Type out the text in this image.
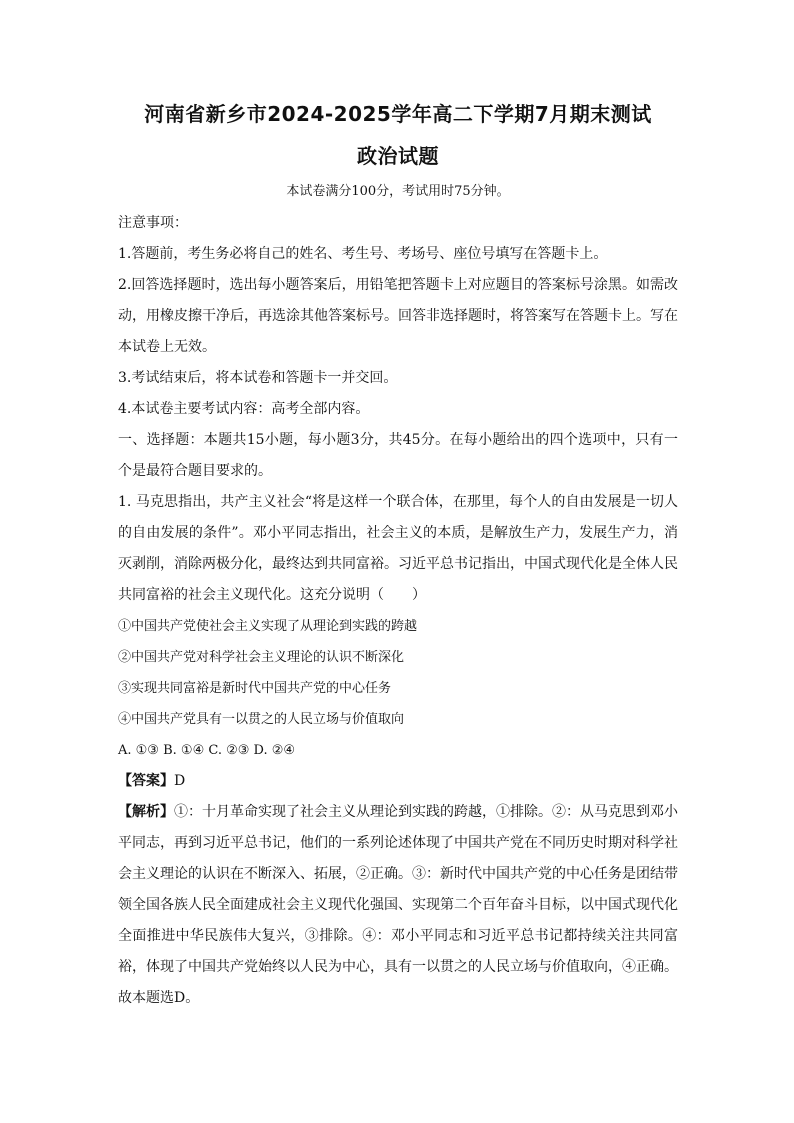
河南省新乡市2024-2025学年高二下学期7月期末测试
政治试题
本试卷满分100分，考试用时75分钟。

注意事项：

1.答题前，考生务必将自己的姓名、考生号、考场号、座位号填写在答题卡上。

2.回答选择题时，选出每小题答案后，用铅笔把答题卡上对应题目的答案标号涂黑。如需改动，用橡皮擦干净后，再选涂其他答案标号。回答非选择题时，将答案写在答题卡上。写在本试卷上无效。

3.考试结束后，将本试卷和答题卡一并交回。

4.本试卷主要考试内容：高考全部内容。

一、选择题：本题共15小题，每小题3分，共45分。在每小题给出的四个选项中，只有一个是最符合题目要求的。

1. 马克思指出，共产主义社会“将是这样一个联合体，在那里，每个人的自由发展是一切人的自由发展的条件”。邓小平同志指出，社会主义的本质，是解放生产力，发展生产力，消灭剥削，消除两极分化，最终达到共同富裕。习近平总书记指出，中国式现代化是全体人民共同富裕的社会主义现代化。这充分说明（　　）

①中国共产党使社会主义实现了从理论到实践的跨越

②中国共产党对科学社会主义理论的认识不断深化

③实现共同富裕是新时代中国共产党的中心任务

④中国共产党具有一以贯之的人民立场与价值取向

A. ①③ B. ①④ C. ②③ D. ②④

【答案】D

【解析】①：十月革命实现了社会主义从理论到实践的跨越，①排除。②：从马克思到邓小平同志，再到习近平总书记，他们的一系列论述体现了中国共产党在不同历史时期对科学社会主义理论的认识在不断深入、拓展，②正确。③：新时代中国共产党的中心任务是团结带领全国各族人民全面建成社会主义现代化强国、实现第二个百年奋斗目标，以中国式现代化全面推进中华民族伟大复兴，③排除。④：邓小平同志和习近平总书记都持续关注共同富裕，体现了中国共产党始终以人民为中心，具有一以贯之的人民立场与价值取向，④正确。故本题选D。
